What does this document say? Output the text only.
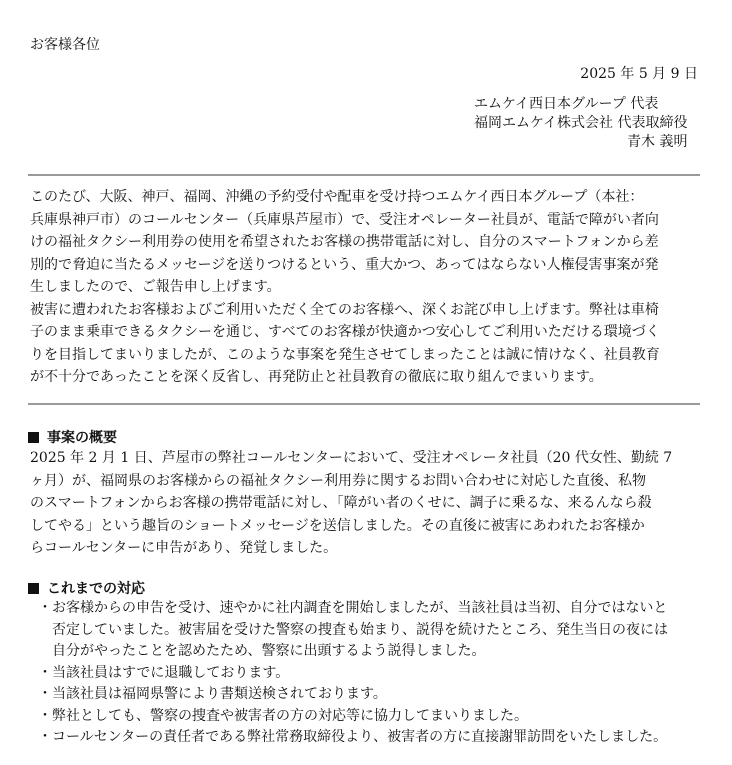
お客様各位
2025 年 5 月 9 日
エムケイ西日本グループ 代表
福岡エムケイ株式会社 代表取締役
青木 義明
このたび、大阪、神戸、福岡、沖縄の予約受付や配車を受け持つエムケイ西日本グループ（本社：
兵庫県神戸市）のコールセンター（兵庫県芦屋市）で、受注オペレーター社員が、電話で障がい者向
けの福祉タクシー利用券の使用を希望されたお客様の携帯電話に対し、自分のスマートフォンから差
別的で脅迫に当たるメッセージを送りつけるという、重大かつ、あってはならない人権侵害事案が発
生しましたので、ご報告申し上げます。
被害に遭われたお客様およびご利用いただく全てのお客様へ、深くお詫び申し上げます。弊社は車椅
子のまま乗車できるタクシーを通じ、すべてのお客様が快適かつ安心してご利用いただける環境づく
りを目指してまいりましたが、このような事案を発生させてしまったことは誠に情けなく、社員教育
が不十分であったことを深く反省し、再発防止と社員教育の徹底に取り組んでまいります。
事案の概要
2025 年 2 月 1 日、芦屋市の弊社コールセンターにおいて、受注オペレータ社員（20 代女性、勤続 7
ヶ月）が、福岡県のお客様からの福祉タクシー利用券に関するお問い合わせに対応した直後、私物
のスマートフォンからお客様の携帯電話に対し、「障がい者のくせに、調子に乗るな、来るんなら殺
してやる」という趣旨のショートメッセージを送信しました。その直後に被害にあわれたお客様か
らコールセンターに申告があり、発覚しました。
これまでの対応
・ お客様からの申告を受け、速やかに社内調査を開始しましたが、当該社員は当初、自分ではないと
否定していました。被害届を受けた警察の捜査も始まり、説得を続けたところ、発生当日の夜には
自分がやったことを認めたため、警察に出頭するよう説得しました。
・ 当該社員はすでに退職しております。
・ 当該社員は福岡県警により書類送検されております。
・ 弊社としても、警察の捜査や被害者の方の対応等に協力してまいりました。
・ コールセンターの責任者である弊社常務取締役より、被害者の方に直接謝罪訪問をいたしました。
